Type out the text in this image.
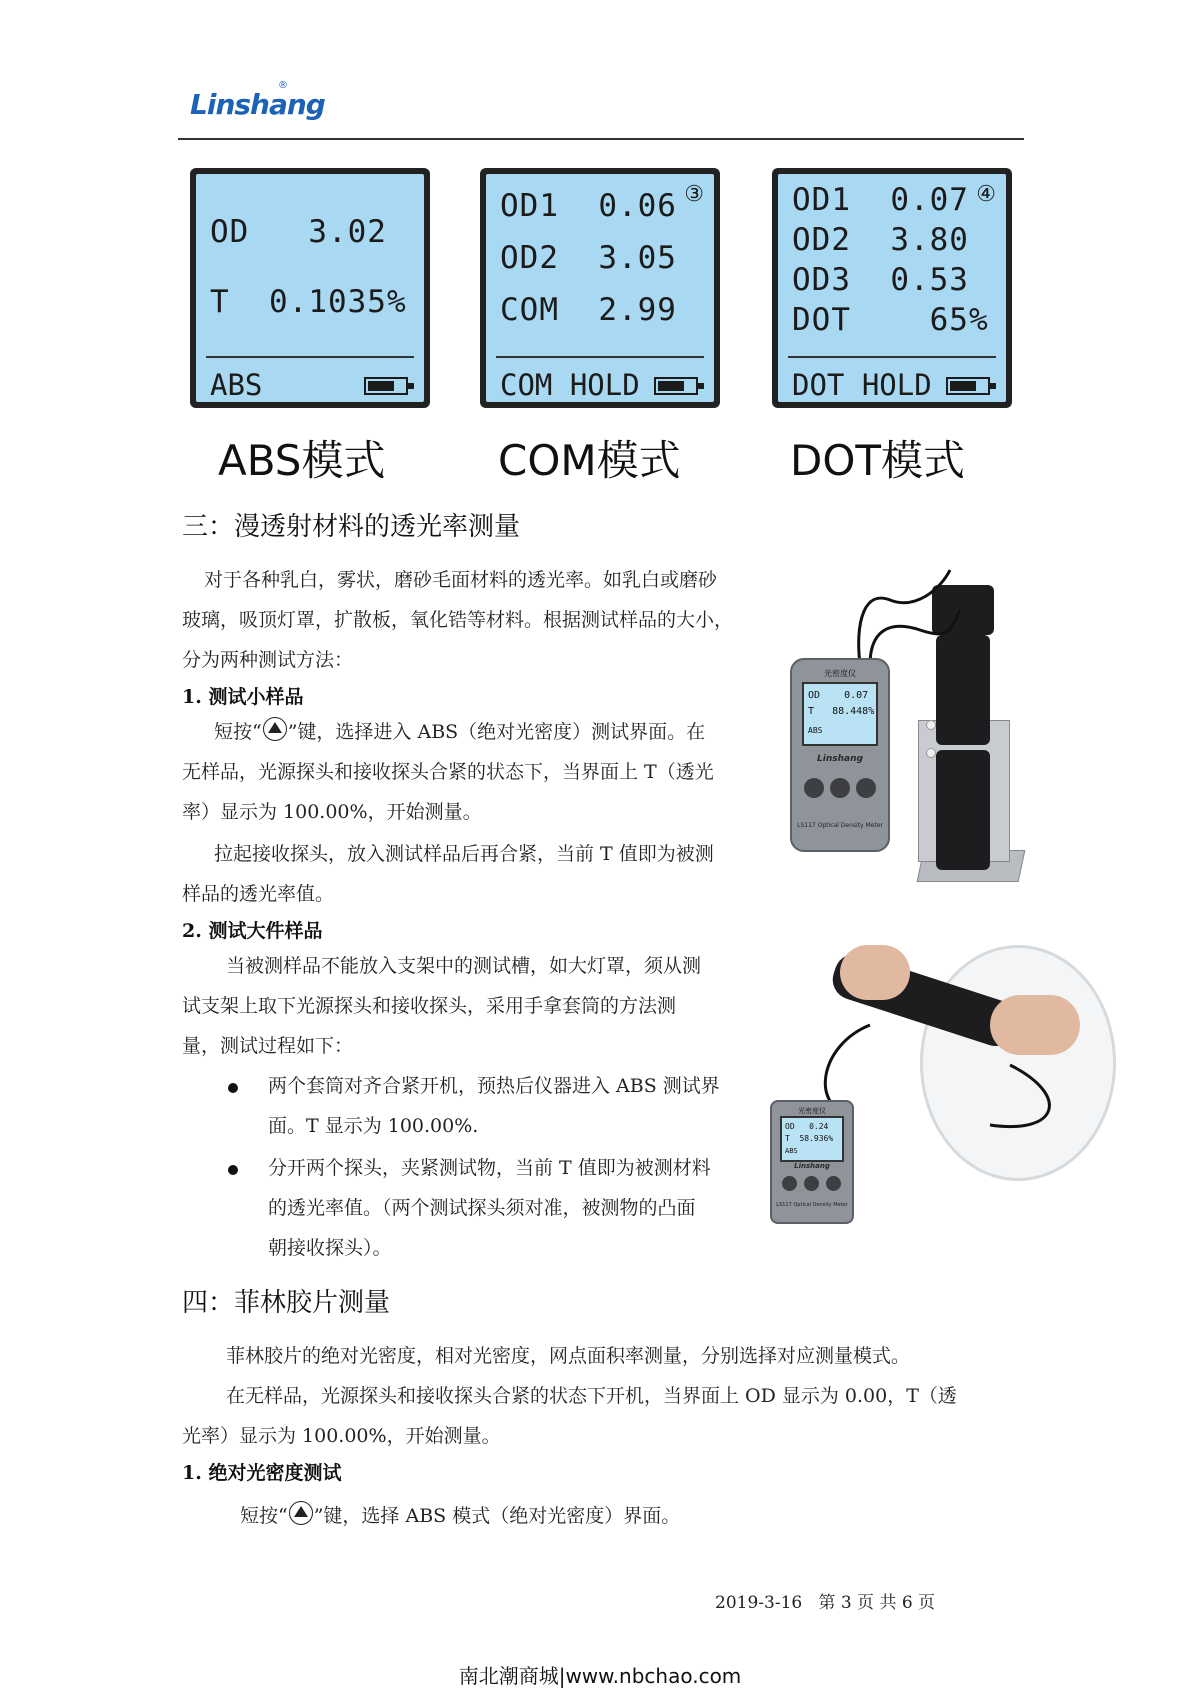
Linshang
®
OD   3.02
T  0.1035%
ABS
③
OD1  0.06
OD2  3.05
COM  2.99
COM HOLD
④
OD1  0.07
OD2  3.80
OD3  0.53
DOT    65%
DOT HOLD
ABS模式	COM模式	DOT模式
三：漫透射材料的透光率测量
对于各种乳白，雾状，磨砂毛面材料的透光率。如乳白或磨砂
玻璃，吸顶灯罩，扩散板，氧化锆等材料。根据测试样品的大小，
分为两种测试方法：
1. 测试小样品
短按“ ”键，选择进入 ABS（绝对光密度）测试界面。在
无样品，光源探头和接收探头合紧的状态下，当界面上 T（透光
率）显示为 100.00%，开始测量。
拉起接收探头，放入测试样品后再合紧，当前 T 值即为被测
样品的透光率值。
2. 测试大件样品
当被测样品不能放入支架中的测试槽，如大灯罩，须从测
试支架上取下光源探头和接收探头，采用手拿套筒的方法测
量，测试过程如下：
两个套筒对齐合紧开机，预热后仪器进入 ABS 测试界
面。T 显示为 100.00%.
分开两个探头，夹紧测试物，当前 T 值即为被测材料
的透光率值。（两个测试探头须对准，被测物的凸面
朝接收探头）。
光密度仪
OD    0.07
T   88.448%
ABS
Linshang
LS117 Optical Density Meter
光密度仪
OD   0.24
T  58.936%
ABS
Linshang
LS117 Optical Density Meter
四：菲林胶片测量
菲林胶片的绝对光密度，相对光密度，网点面积率测量，分别选择对应测量模式。
在无样品，光源探头和接收探头合紧的状态下开机，当界面上 OD 显示为 0.00，T（透
光率）显示为 100.00%，开始测量。
1. 绝对光密度测试
短按“ ”键，选择 ABS 模式（绝对光密度）界面。
2019-3-16   第 3 页 共 6 页
南北潮商城|www.nbchao.com
